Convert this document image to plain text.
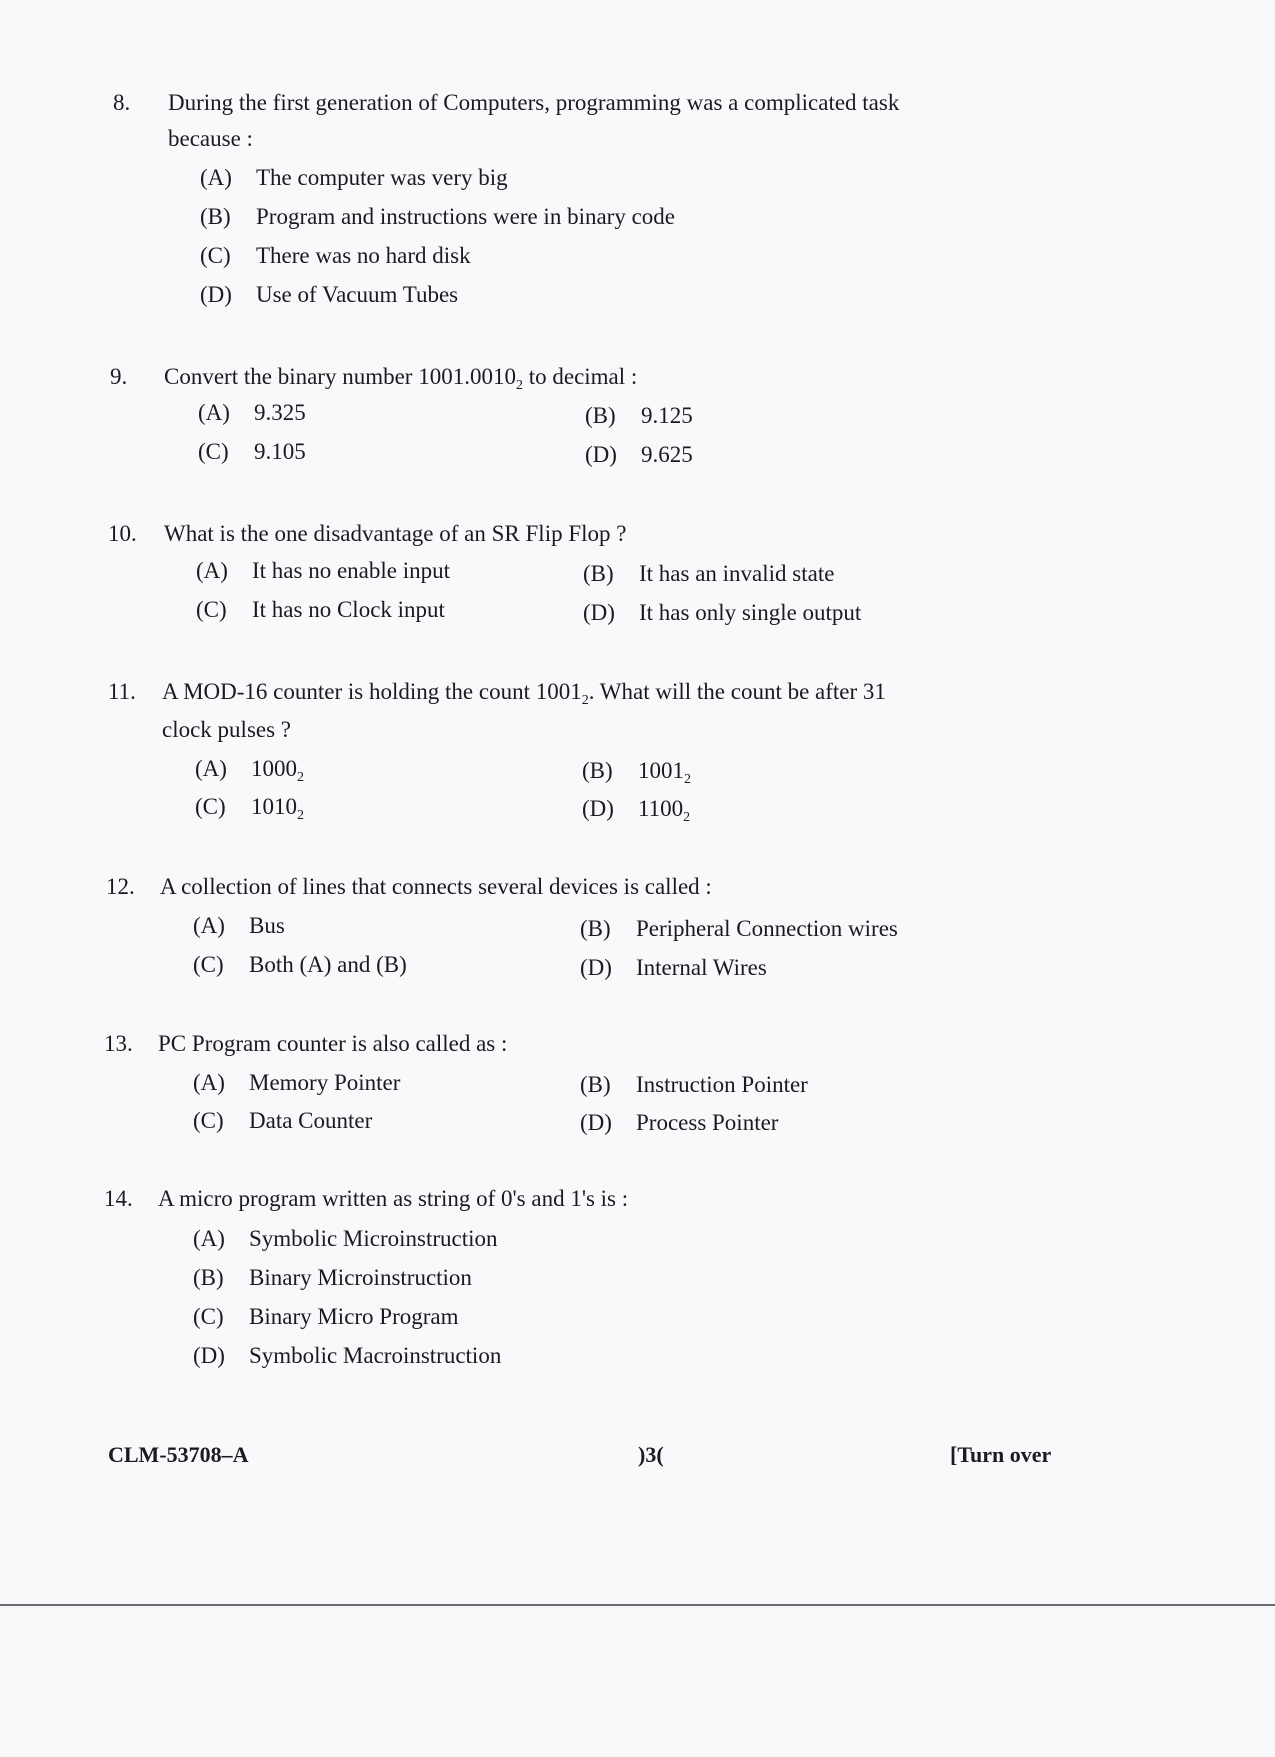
8. During the first generation of Computers, programming was a complicated task
because :
(A) The computer was very big
(B) Program and instructions were in binary code
(C) There was no hard disk
(D) Use of Vacuum Tubes
9. Convert the binary number $1001.0010_2$ to decimal :
(A) 9.325	(B) 9.125
(C) 9.105	(D) 9.625
10. What is the one disadvantage of an SR Flip Flop ?
(A) It has no enable input	(B) It has an invalid state
(C) It has no Clock input	(D) It has only single output
11. A MOD-16 counter is holding the count $1001_2$. What will the count be after 31
clock pulses ?
(A) $1000_2$	(B) $1001_2$
(C) $1010_2$	(D) $1100_2$
12. A collection of lines that connects several devices is called :
(A) Bus	(B) Peripheral Connection wires
(C) Both (A) and (B)	(D) Internal Wires
13. PC Program counter is also called as :
(A) Memory Pointer	(B) Instruction Pointer
(C) Data Counter	(D) Process Pointer
14. A micro program written as string of 0's and 1's is :
(A) Symbolic Microinstruction
(B) Binary Microinstruction
(C) Binary Micro Program
(D) Symbolic Macroinstruction
CLM-53708–A	)3(	[Turn over
